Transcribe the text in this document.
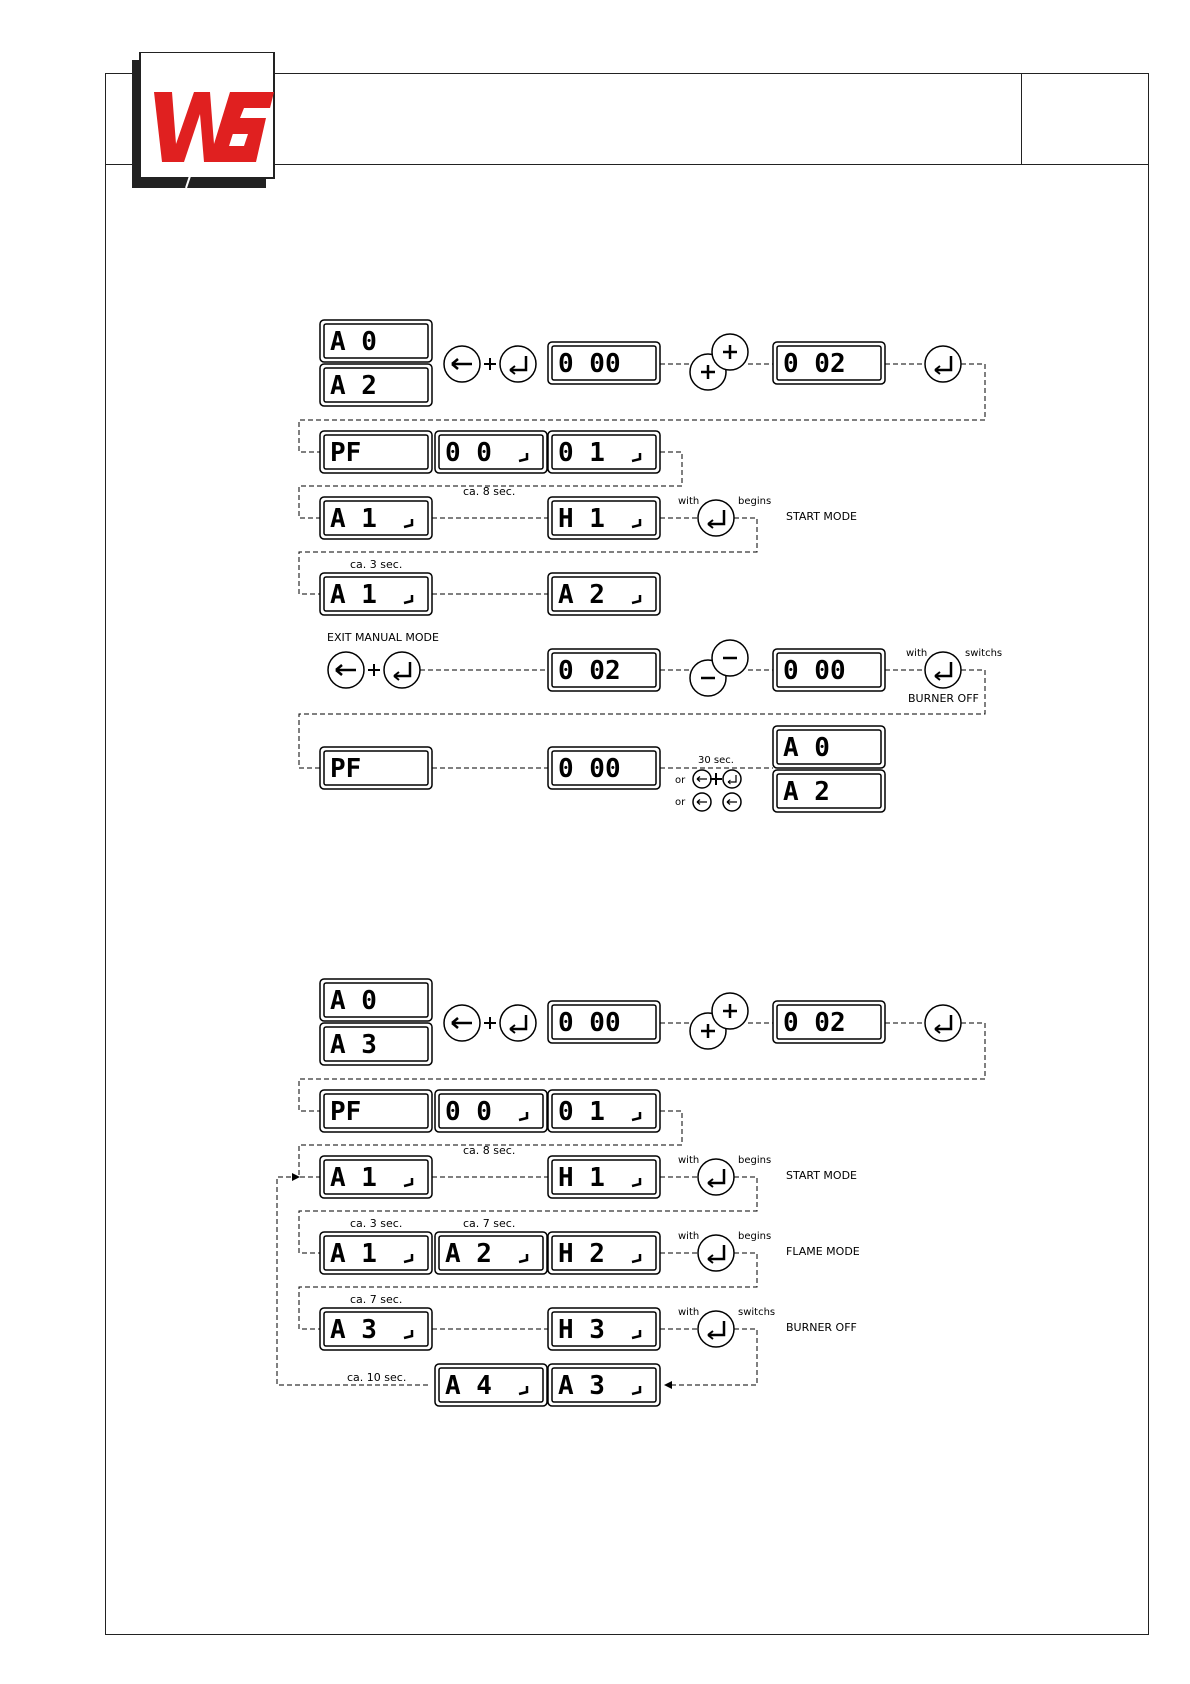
A 0
A 2
0 00	0 02
PF	0 0	0 1
ca. 8 sec.
A 1	H 1
with	begins
START MODE
ca. 3 sec.
A 1	A 2
EXIT MANUAL MODE
0 02	0 00
with	switchs
BURNER OFF
PF	0 00	30 sec.
or
or
A 0
A 2
A 0
A 3
0 00	0 02
PF	0 0	0 1
ca. 8 sec.
A 1	H 1
with	begins
START MODE
ca. 3 sec.	ca. 7 sec.
A 1	A 2	H 2
with	begins
FLAME MODE
ca. 7 sec.
A 3	H 3
with	switchs
BURNER OFF
A 4	A 3
ca. 10 sec.
